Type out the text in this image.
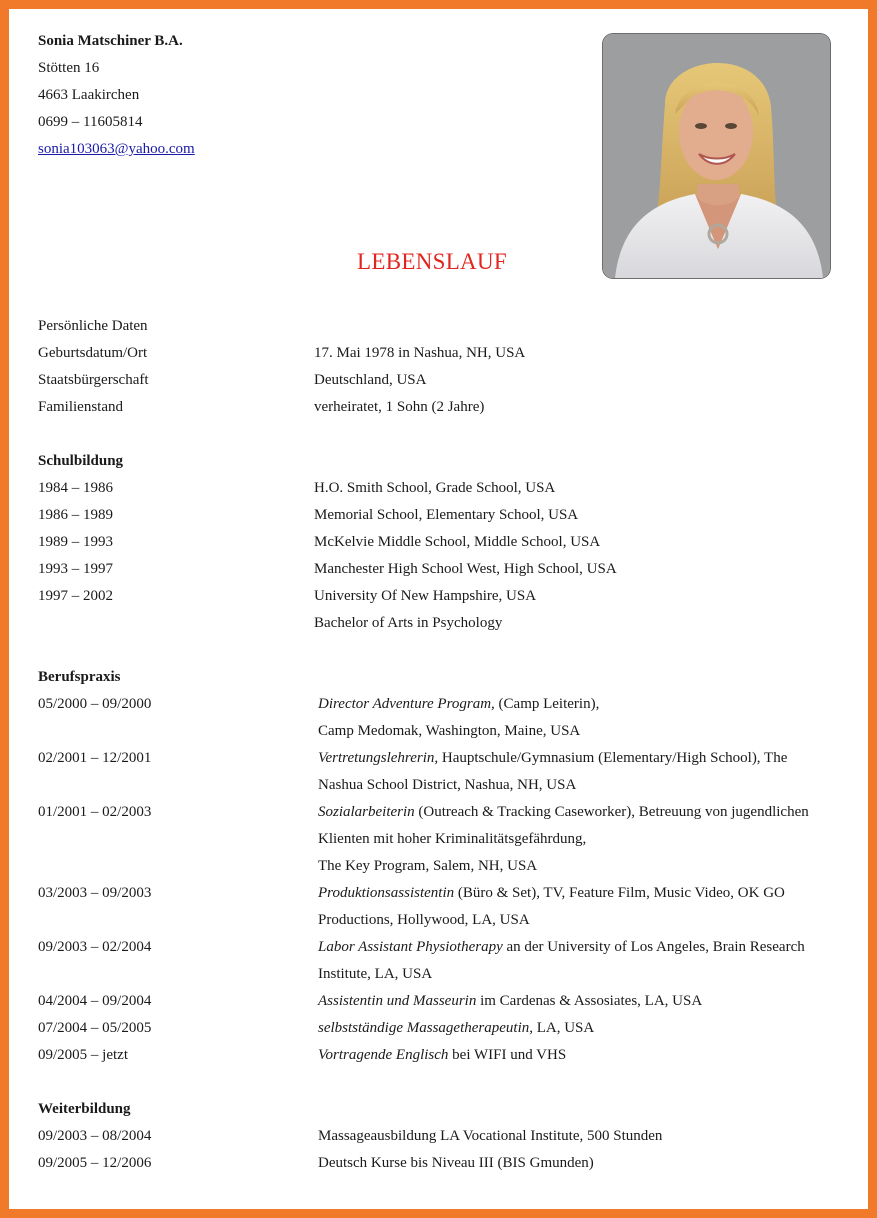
Sonia Matschiner B.A.
Stötten 16
4663 Laakirchen
0699 – 11605814
sonia103063@yahoo.com
LEBENSLAUF
Persönliche Daten
Geburtsdatum/Ort	17. Mai 1978 in Nashua, NH, USA
Staatsbürgerschaft	Deutschland, USA
Familienstand	verheiratet, 1 Sohn (2 Jahre)
Schulbildung
1984 – 1986	H.O. Smith School, Grade School, USA
1986 – 1989	Memorial School, Elementary School, USA
1989 – 1993	McKelvie Middle School, Middle School, USA
1993 – 1997	Manchester High School West, High School, USA
1997 – 2002	University Of New Hampshire, USA
Bachelor of Arts in Psychology
Berufspraxis
05/2000 – 09/2000	Director Adventure Program, (Camp Leiterin),
Camp Medomak, Washington, Maine, USA
02/2001 – 12/2001	Vertretungslehrerin, Hauptschule/Gymnasium (Elementary/High School), The
Nashua School District, Nashua, NH, USA
01/2001 – 02/2003	Sozialarbeiterin (Outreach & Tracking Caseworker), Betreuung von jugendlichen
Klienten mit hoher Kriminalitätsgefährdung,
The Key Program, Salem, NH, USA
03/2003 – 09/2003	Produktionsassistentin (Büro & Set), TV, Feature Film, Music Video, OK GO
Productions, Hollywood, LA, USA
09/2003 – 02/2004	Labor Assistant Physiotherapy an der University of Los Angeles, Brain Research
Institute, LA, USA
04/2004 – 09/2004	Assistentin und Masseurin im Cardenas & Assosiates, LA, USA
07/2004 – 05/2005	selbstständige Massagetherapeutin, LA, USA
09/2005 – jetzt	Vortragende Englisch bei WIFI und VHS
Weiterbildung
09/2003 – 08/2004	Massageausbildung LA Vocational Institute, 500 Stunden
09/2005 – 12/2006	Deutsch Kurse bis Niveau III (BIS Gmunden)
